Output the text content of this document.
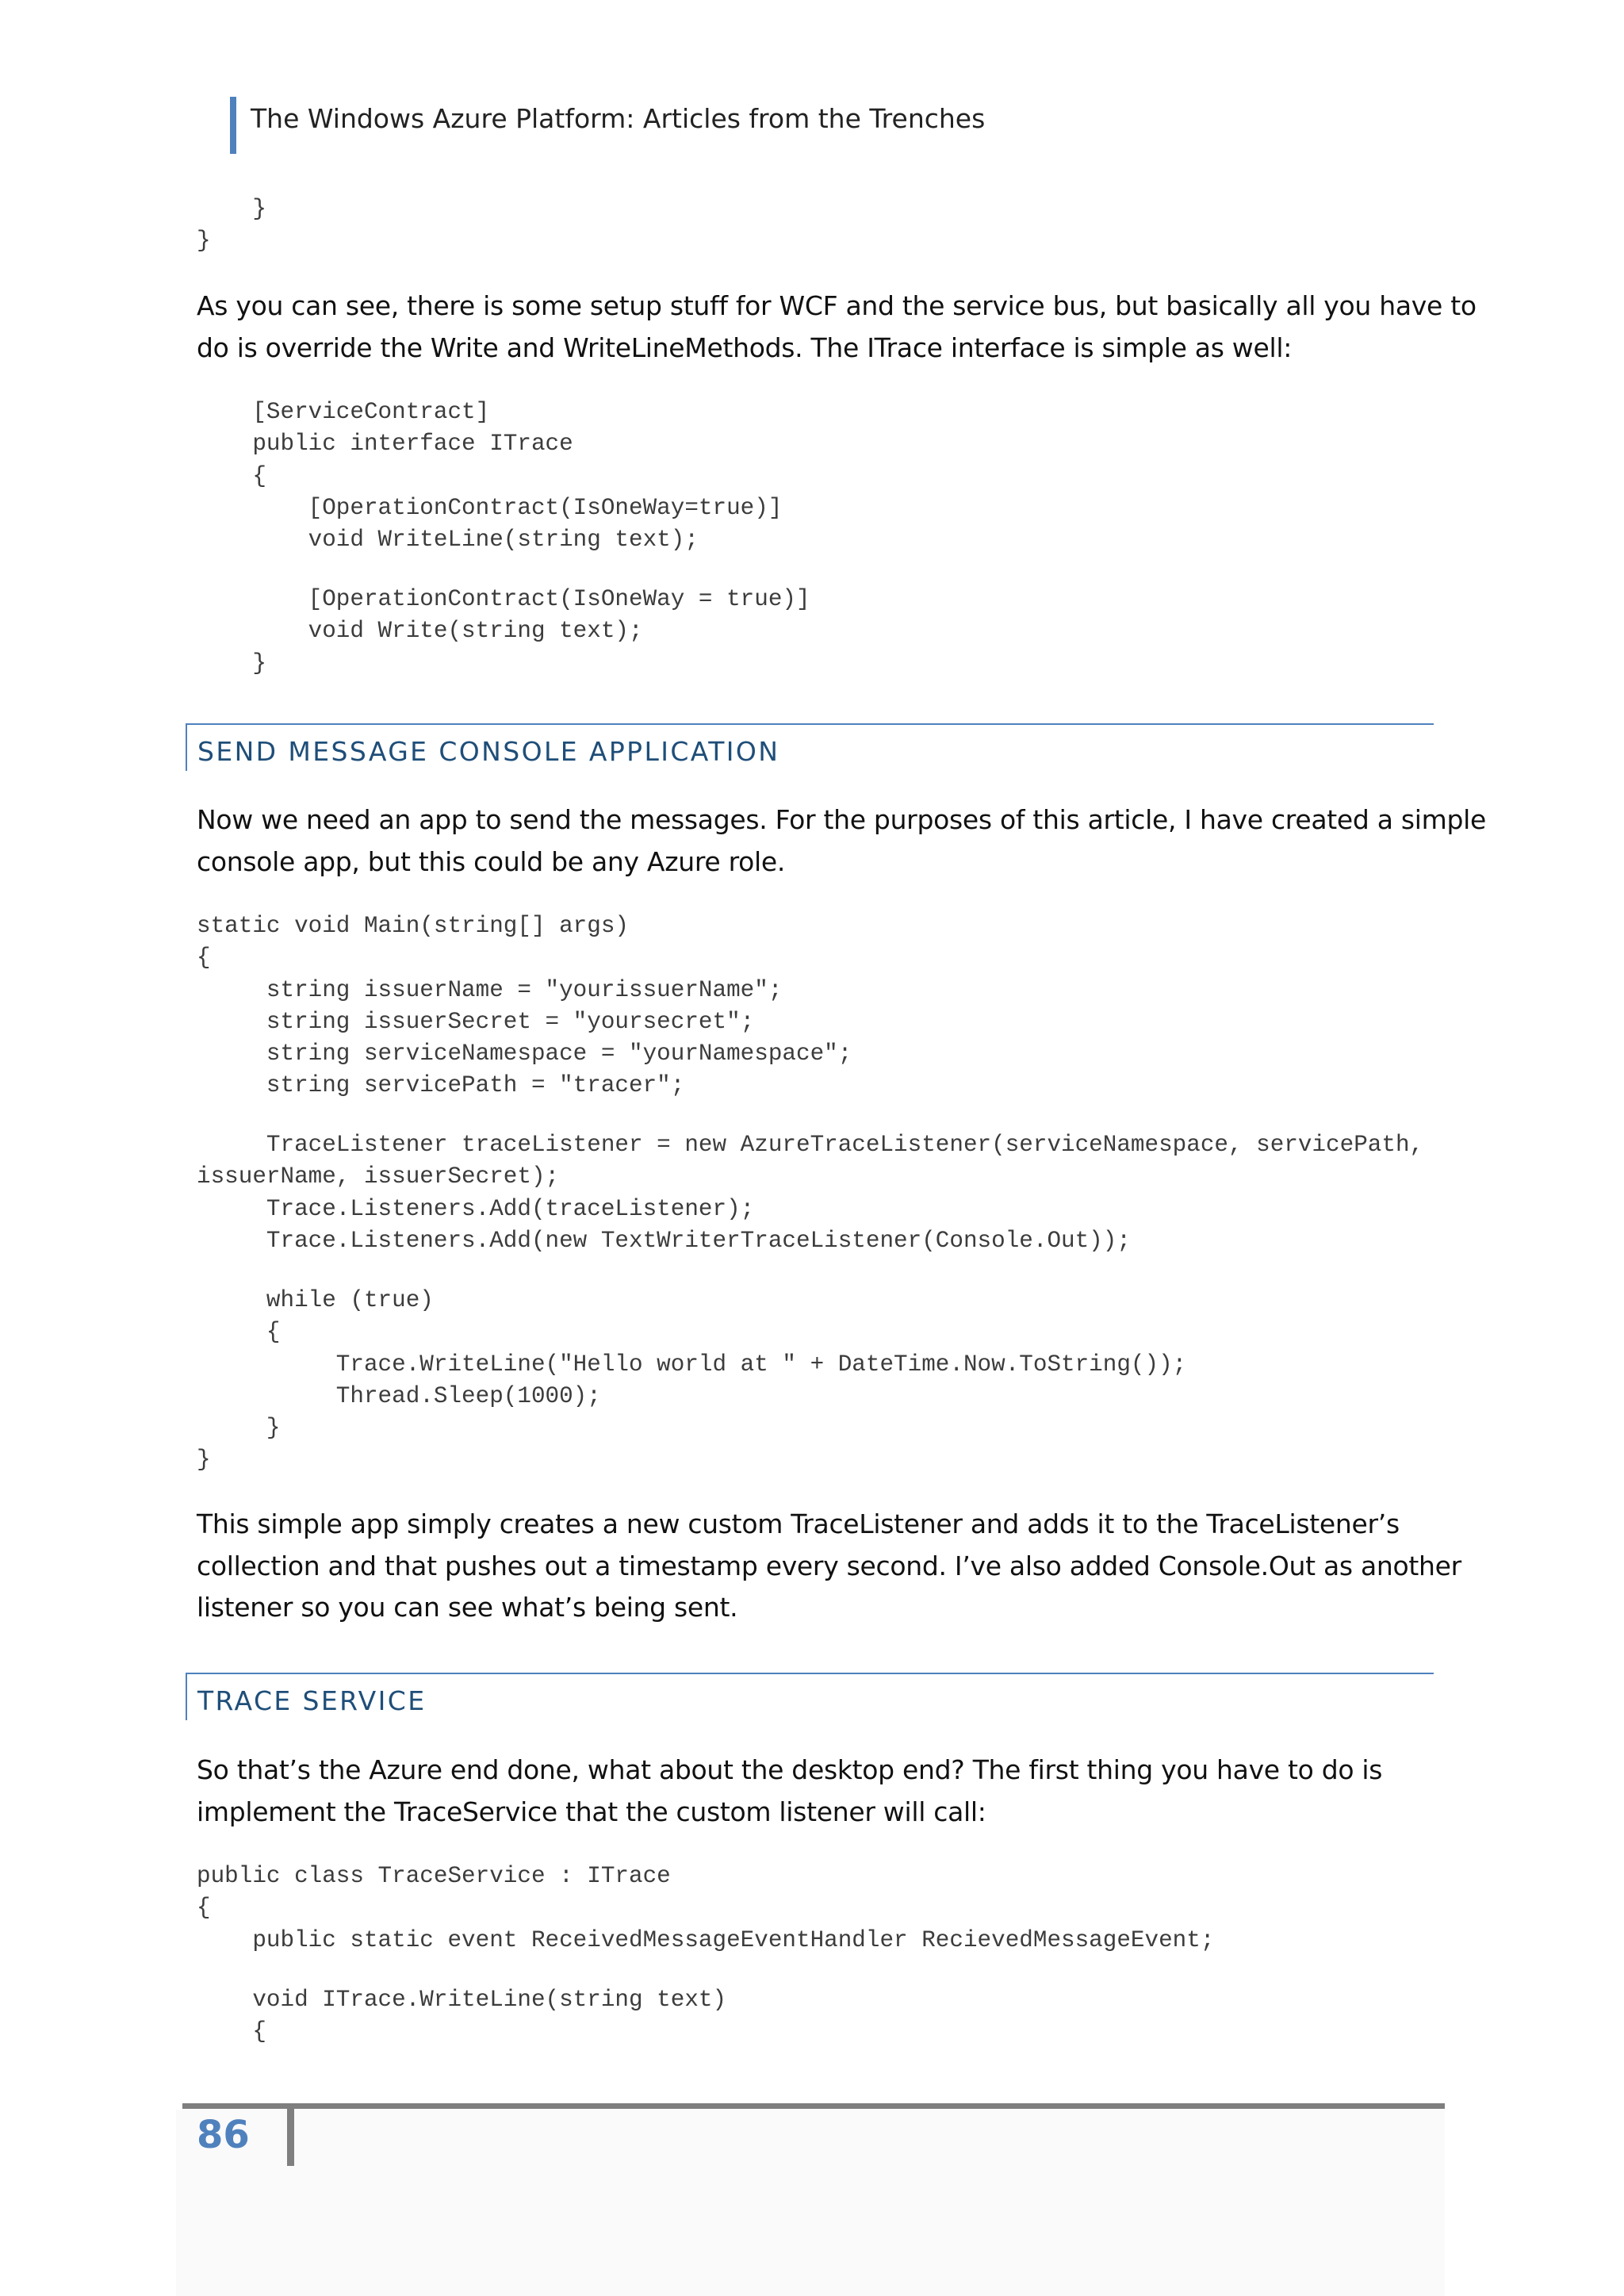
The Windows Azure Platform: Articles from the Trenches
}
}

As you can see, there is some setup stuff for WCF and the service bus, but basically all you have to do is override the Write and WriteLineMethods. The ITrace interface is simple as well:

[ServiceContract]
public interface ITrace
{
[OperationContract(IsOneWay=true)]
void WriteLine(string text);
[OperationContract(IsOneWay = true)]
void Write(string text);
}
SEND MESSAGE CONSOLE APPLICATION

Now we need an app to send the messages. For the purposes of this article, I have created a simple console app, but this could be any Azure role.

static void Main(string[] args)
{
string issuerName = "yourissuerName";
string issuerSecret = "yoursecret";
string serviceNamespace = "yourNamespace";
string servicePath = "tracer";
TraceListener traceListener = new AzureTraceListener(serviceNamespace, servicePath,
issuerName, issuerSecret);
Trace.Listeners.Add(traceListener);
Trace.Listeners.Add(new TextWriterTraceListener(Console.Out));
while (true)
{
Trace.WriteLine("Hello world at " + DateTime.Now.ToString());
Thread.Sleep(1000);
}
}

This simple app simply creates a new custom TraceListener and adds it to the TraceListener’s collection and that pushes out a timestamp every second. I’ve also added Console.Out as another listener so you can see what’s being sent.

TRACE SERVICE

So that’s the Azure end done, what about the desktop end? The first thing you have to do is implement the TraceService that the custom listener will call:

public class TraceService : ITrace
{
public static event ReceivedMessageEventHandler RecievedMessageEvent;
void ITrace.WriteLine(string text)
{
86
